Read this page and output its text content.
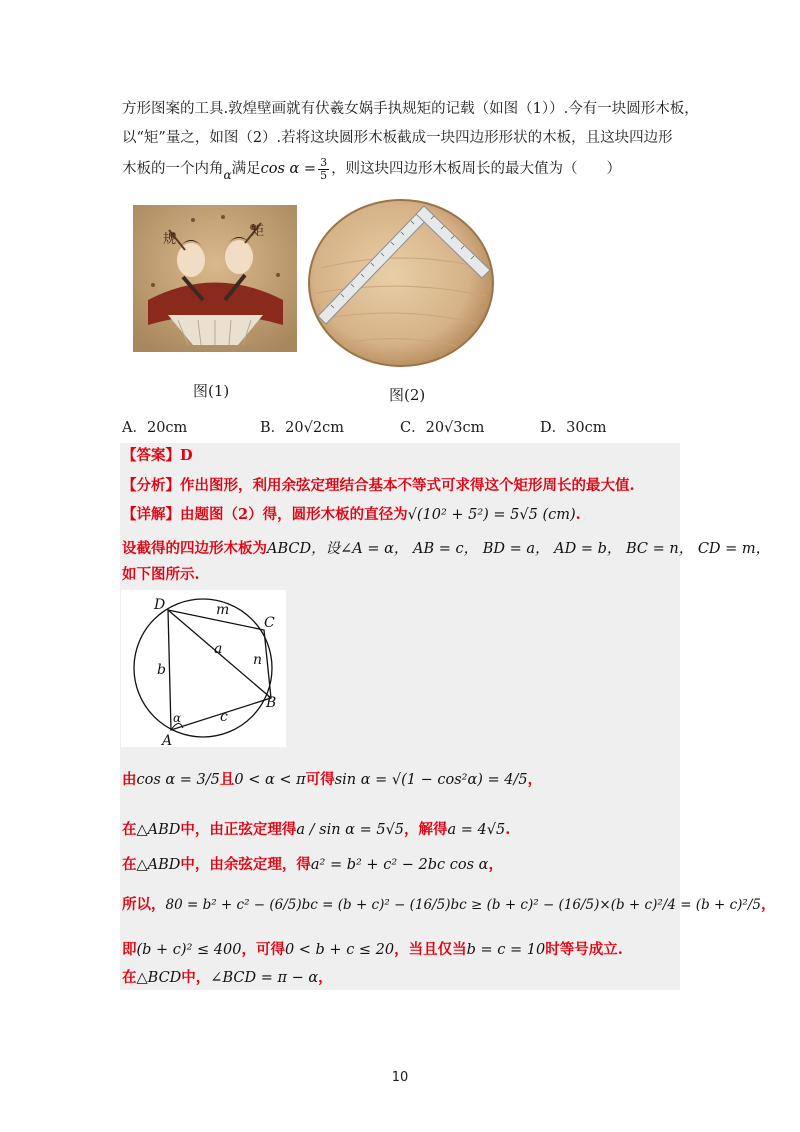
方形图案的工具.敦煌壁画就有伏羲女娲手执规矩的记载（如图（1））.今有一块圆形木板，
以“矩”量之，如图（2）.若将这块圆形木板截成一块四边形形状的木板，且这块四边形
木板的一个内角$_\alpha$满足$\cos \alpha = \frac{3}{5}$ ，则这块四边形木板周长的最大值为（　　）
规
矩
图(1)	图(2)
A．20cm	B．20√2cm	C．20√3cm	D．30cm
【答案】D
【分析】作出图形，利用余弦定理结合基本不等式可求得这个矩形周长的最大值.
【详解】由题图（2）得，圆形木板的直径为√(10² + 5²) = 5√5 (cm).
设截得的四边形木板为ABCD，设∠A = α， AB = c， BD = a， AD = b， BC = n， CD = m，
如下图所示.
D
C
B
A
m
a
n
b
c
α
由cos α = 3/5且0 < α < π可得sin α = √(1 − cos²α) = 4/5，
在△ABD中，由正弦定理得a / sin α = 5√5，解得a = 4√5.
在△ABD中，由余弦定理，得a² = b² + c² − 2bc cos α，
所以，80 = b² + c² − (6/5)bc = (b + c)² − (16/5)bc ≥ (b + c)² − (16/5)×(b + c)²/4 = (b + c)²/5，
即(b + c)² ≤ 400，可得0 < b + c ≤ 20，当且仅当b = c = 10时等号成立.
在△BCD中，∠BCD = π − α，
10
